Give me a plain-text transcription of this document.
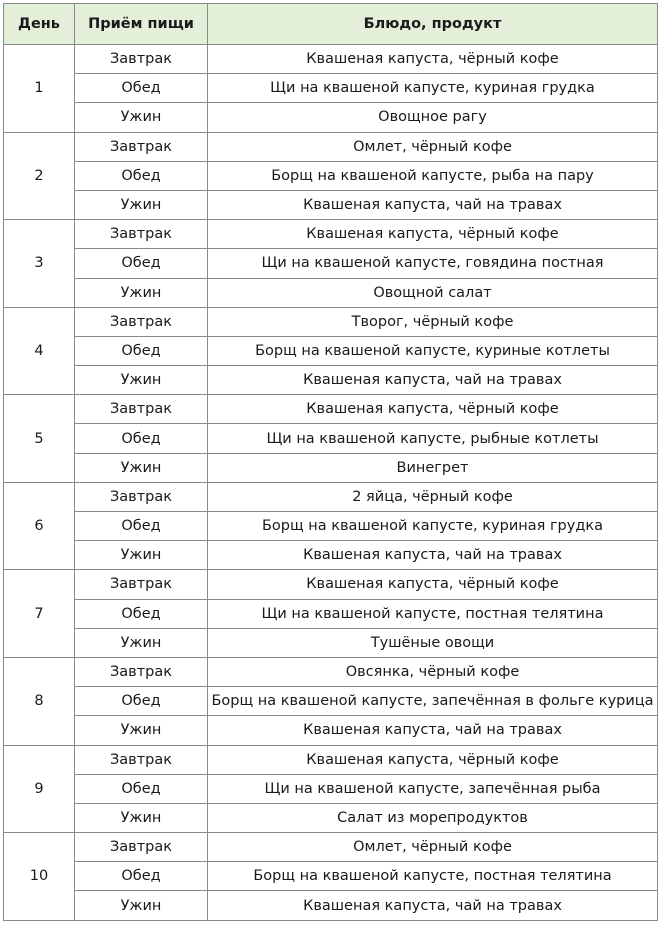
День	Приём пищи	Блюдо, продукт
1	Завтрак	Квашеная капуста, чёрный кофе
	Обед	Щи на квашеной капусте, куриная грудка
	Ужин	Овощное рагу
2	Завтрак	Омлет, чёрный кофе
	Обед	Борщ на квашеной капусте, рыба на пару
	Ужин	Квашеная капуста, чай на травах
3	Завтрак	Квашеная капуста, чёрный кофе
	Обед	Щи на квашеной капусте, говядина постная
	Ужин	Овощной салат
4	Завтрак	Творог, чёрный кофе
	Обед	Борщ на квашеной капусте, куриные котлеты
	Ужин	Квашеная капуста, чай на травах
5	Завтрак	Квашеная капуста, чёрный кофе
	Обед	Щи на квашеной капусте, рыбные котлеты
	Ужин	Винегрет
6	Завтрак	2 яйца, чёрный кофе
	Обед	Борщ на квашеной капусте, куриная грудка
	Ужин	Квашеная капуста, чай на травах
7	Завтрак	Квашеная капуста, чёрный кофе
	Обед	Щи на квашеной капусте, постная телятина
	Ужин	Тушёные овощи
8	Завтрак	Овсянка, чёрный кофе
	Обед	Борщ на квашеной капусте, запечённая в фольге курица
	Ужин	Квашеная капуста, чай на травах
9	Завтрак	Квашеная капуста, чёрный кофе
	Обед	Щи на квашеной капусте, запечённая рыба
	Ужин	Салат из морепродуктов
10	Завтрак	Омлет, чёрный кофе
	Обед	Борщ на квашеной капусте, постная телятина
	Ужин	Квашеная капуста, чай на травах
